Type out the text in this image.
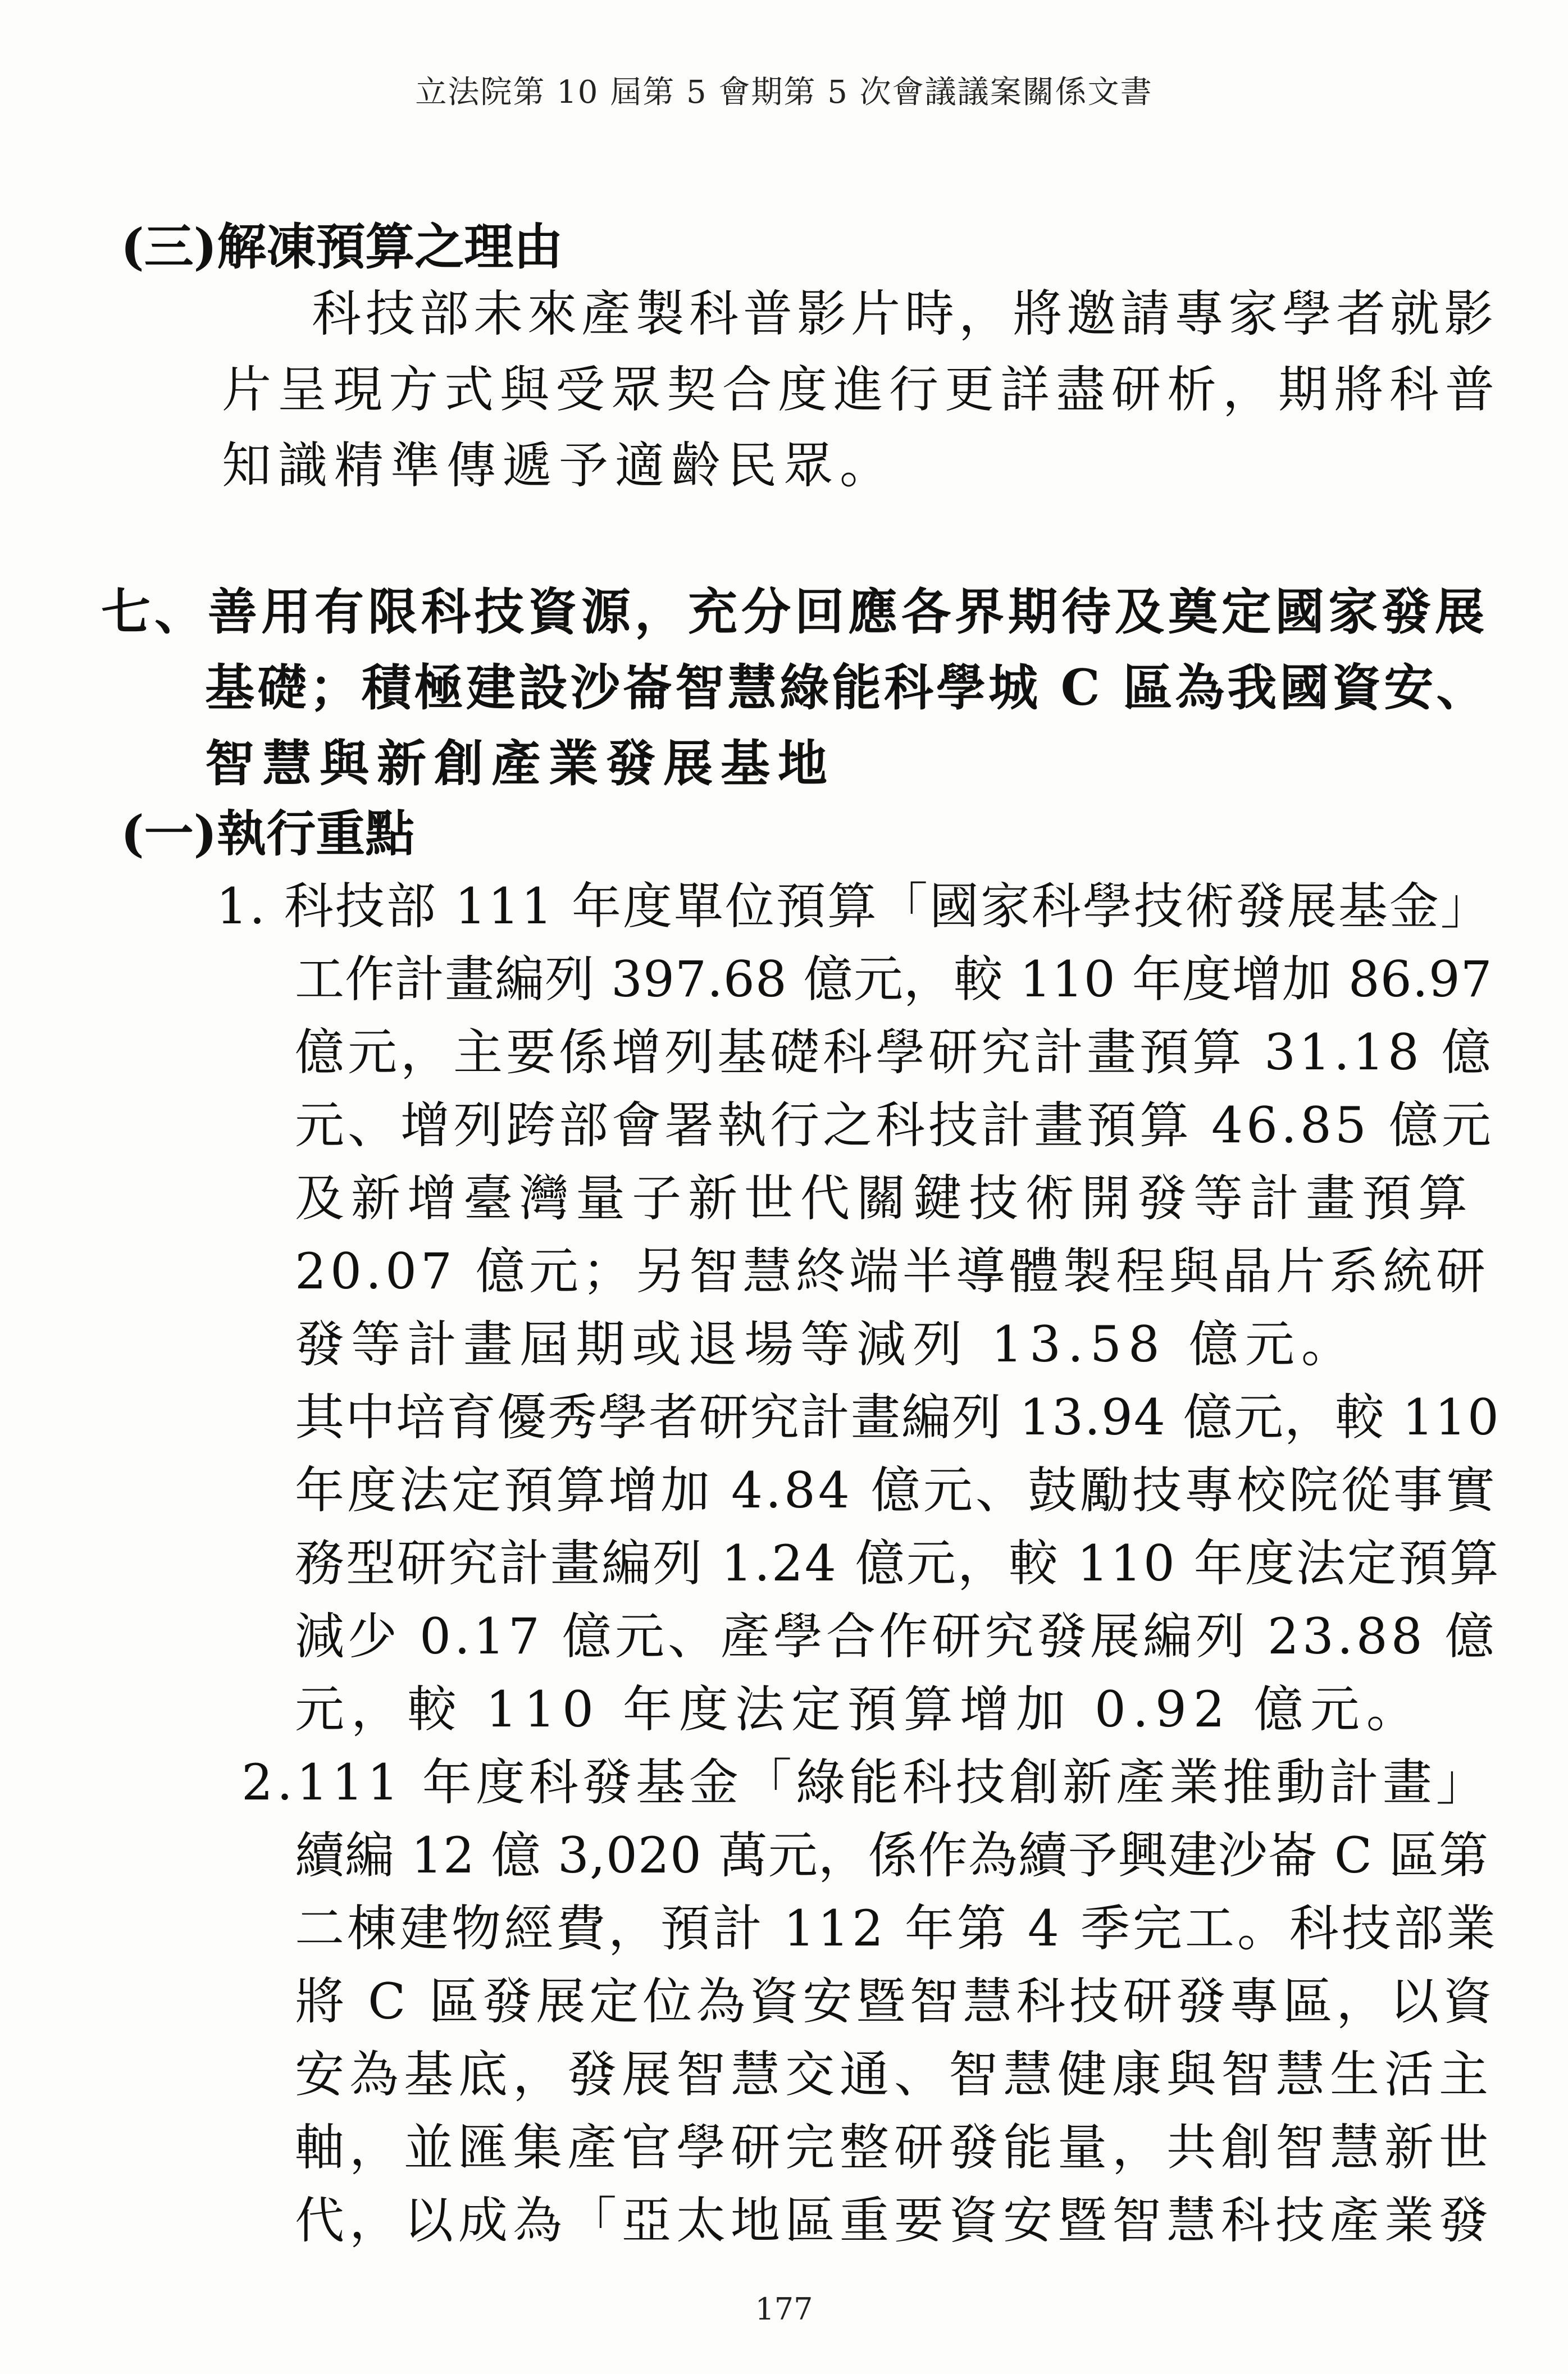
立法院第 10 屆第 5 會期第 5 次會議議案關係文書
(三)解凍預算之理由
科技部未來產製科普影片時，將邀請專家學者就影
片呈現方式與受眾契合度進行更詳盡研析，期將科普
知識精準傳遞予適齡民眾。
七、善用有限科技資源，充分回應各界期待及奠定國家發展
基礎；積極建設沙崙智慧綠能科學城 C 區為我國資安、
智慧與新創產業發展基地
(一)執行重點
1. 科技部 111 年度單位預算「國家科學技術發展基金」
工作計畫編列 397.68 億元，較 110 年度增加 86.97
億元，主要係增列基礎科學研究計畫預算 31.18 億
元、增列跨部會署執行之科技計畫預算 46.85 億元
及新增臺灣量子新世代關鍵技術開發等計畫預算
20.07 億元；另智慧終端半導體製程與晶片系統研
發等計畫屆期或退場等減列 13.58 億元。
其中培育優秀學者研究計畫編列 13.94 億元，較 110
年度法定預算增加 4.84 億元、鼓勵技專校院從事實
務型研究計畫編列 1.24 億元，較 110 年度法定預算
減少 0.17 億元、產學合作研究發展編列 23.88 億
元，較 110 年度法定預算增加 0.92 億元。
2.111 年度科發基金「綠能科技創新產業推動計畫」
續編 12 億 3,020 萬元，係作為續予興建沙崙 C 區第
二棟建物經費，預計 112 年第 4 季完工。科技部業
將 C 區發展定位為資安暨智慧科技研發專區，以資
安為基底，發展智慧交通、智慧健康與智慧生活主
軸，並匯集產官學研完整研發能量，共創智慧新世
代，以成為「亞太地區重要資安暨智慧科技產業發
177
